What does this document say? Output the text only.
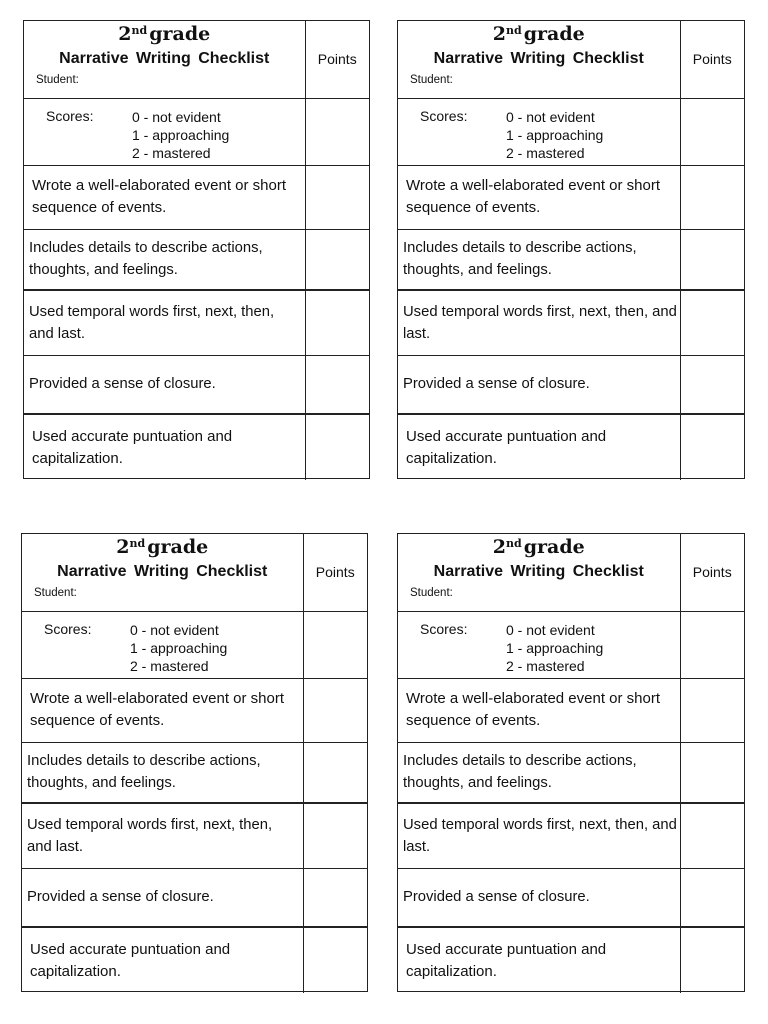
2nd grade
Narrative Writing Checklist
Student:	Points

Scores: 0 - not evident
1 - approaching
2 - mastered	

Wrote a well-elaborated event or short sequence of events.	

Includes details to describe actions, thoughts, and feelings.	

Used temporal words first, next, then, and last.	

Provided a sense of closure.	

Used accurate puntuation and capitalization.	

2nd grade
Narrative Writing Checklist
Student:	Points

Scores: 0 - not evident
1 - approaching
2 - mastered	

Wrote a well-elaborated event or short sequence of events.	

Includes details to describe actions, thoughts, and feelings.	

Used temporal words first, next, then, and last.	

Provided a sense of closure.	

Used accurate puntuation and capitalization.	

2nd grade
Narrative Writing Checklist
Student:	Points

Scores: 0 - not evident
1 - approaching
2 - mastered	

Wrote a well-elaborated event or short sequence of events.	

Includes details to describe actions, thoughts, and feelings.	

Used temporal words first, next, then, and last.	

Provided a sense of closure.	

Used accurate puntuation and capitalization.	

2nd grade
Narrative Writing Checklist
Student:	Points

Scores: 0 - not evident
1 - approaching
2 - mastered	

Wrote a well-elaborated event or short sequence of events.	

Includes details to describe actions, thoughts, and feelings.	

Used temporal words first, next, then, and last.	

Provided a sense of closure.	

Used accurate puntuation and capitalization.	
